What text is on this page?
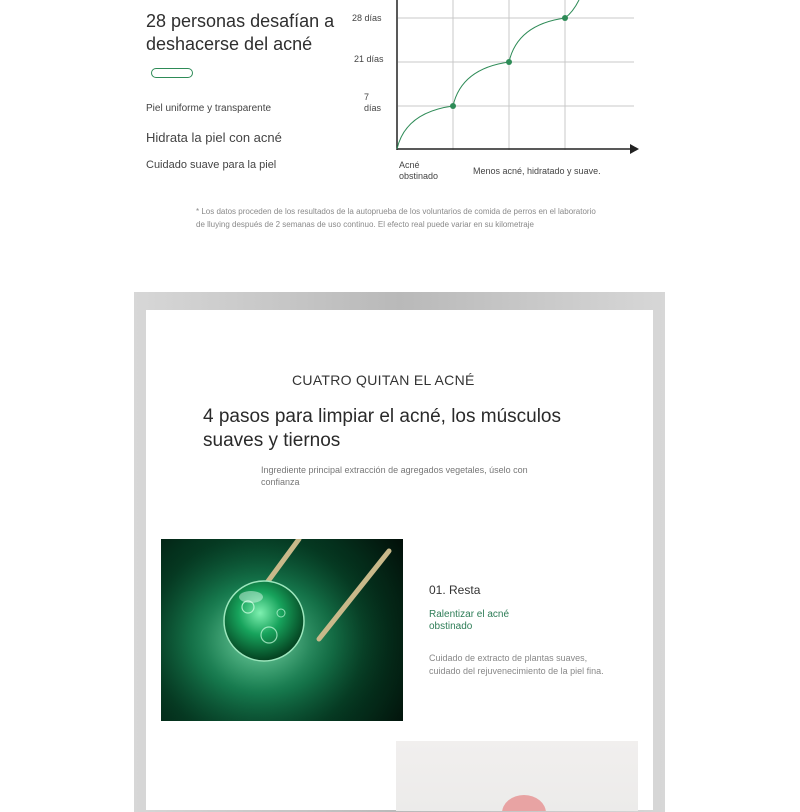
28 personas desafían a deshacerse del acné
Piel uniforme y transparente
Hidrata la piel con acné
Cuidado suave para la piel
28 días
21 días
7 días
Acné obstinado	Menos acné, hidratado y suave.
* Los datos proceden de los resultados de la autoprueba de los voluntarios de comida de perros en el laboratorio de lluying después de 2 semanas de uso continuo. El efecto real puede variar en su kilometraje
CUATRO QUITAN EL ACNÉ
4 pasos para limpiar el acné, los músculos suaves y tiernos
Ingrediente principal extracción de agregados vegetales, úselo con confianza
01. Resta
Ralentizar el acné obstinado
Cuidado de extracto de plantas suaves, cuidado del rejuvenecimiento de la piel fina.
